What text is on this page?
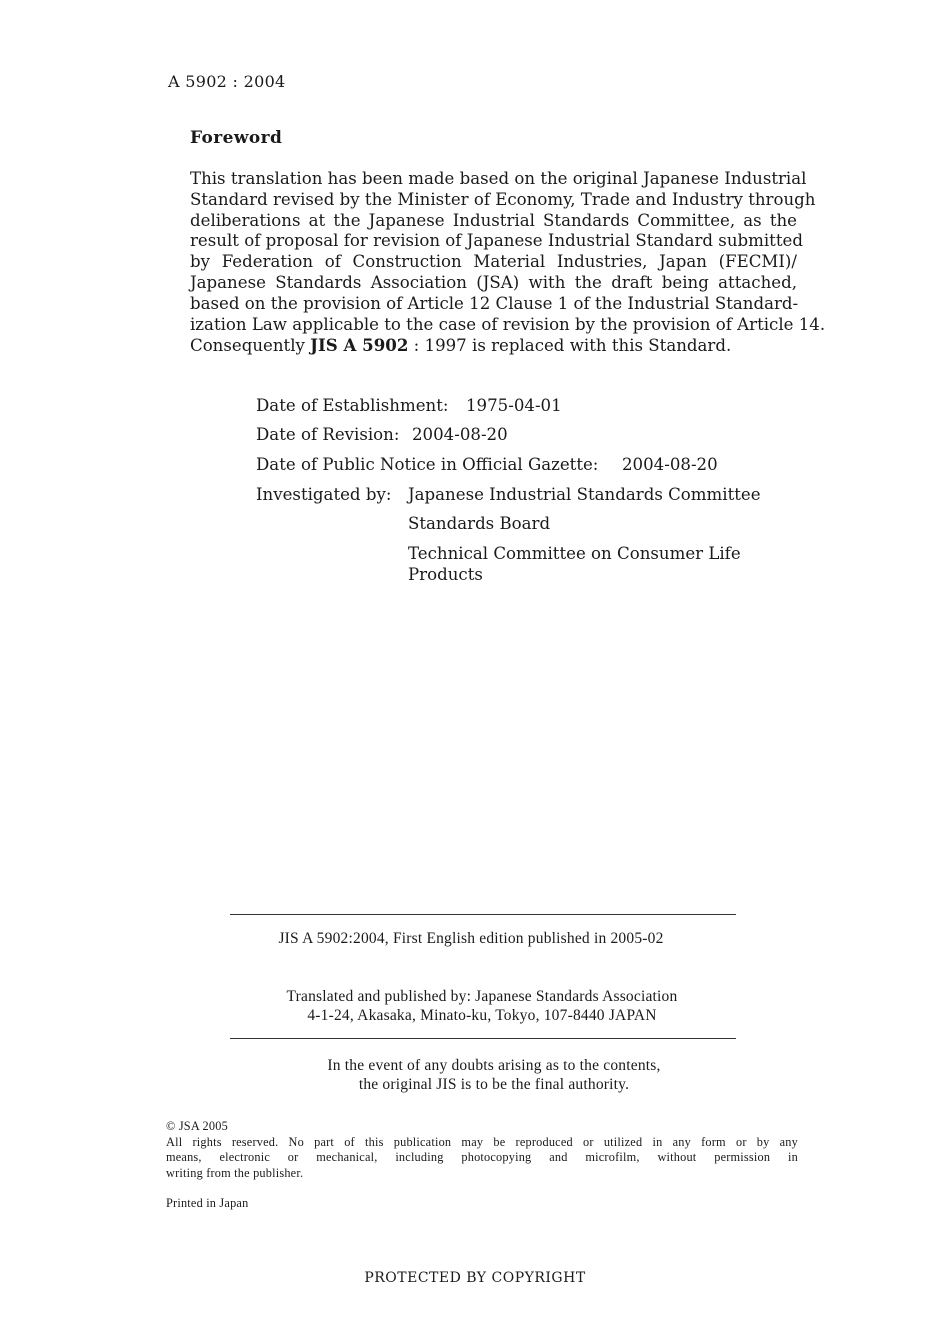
A 5902 : 2004
Foreword
This translation has been made based on the original Japanese Industrial
Standard revised by the Minister of Economy, Trade and Industry through
deliberations at the Japanese Industrial Standards Committee, as the
result of proposal for revision of Japanese Industrial Standard submitted
by Federation of Construction Material Industries, Japan (FECMI)/
Japanese Standards Association (JSA) with the draft being attached,
based on the provision of Article 12 Clause 1 of the Industrial Standard-
ization Law applicable to the case of revision by the provision of Article 14.
Consequently JIS A 5902 : 1997 is replaced with this Standard.
Date of Establishment: 1975-04-01
Date of Revision: 2004-08-20
Date of Public Notice in Official Gazette: 2004-08-20
Investigated by: Japanese Industrial Standards Committee
Standards Board
Technical Committee on Consumer Life
Products
JIS A 5902:2004, First English edition published in 2005-02
Translated and published by: Japanese Standards Association
4-1-24, Akasaka, Minato-ku, Tokyo, 107-8440 JAPAN
In the event of any doubts arising as to the contents,
the original JIS is to be the final authority.
© JSA 2005
All rights reserved. No part of this publication may be reproduced or utilized in any form or by any
means, electronic or mechanical, including photocopying and microfilm, without permission in
writing from the publisher.
Printed in Japan
PROTECTED BY COPYRIGHT
